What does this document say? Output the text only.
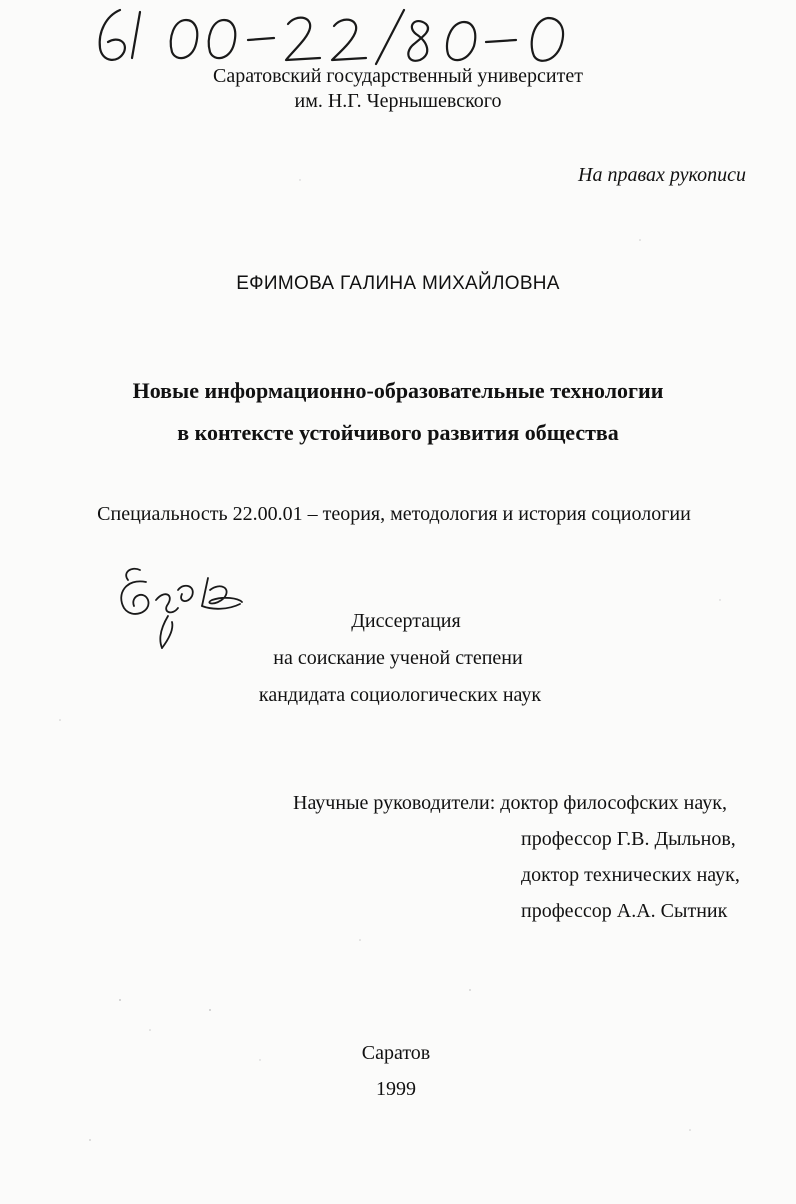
Саратовский государственный университет
им. Н.Г. Чернышевского
На правах рукописи
ЕФИМОВА ГАЛИНА МИХАЙЛОВНА
Новые информационно-образовательные технологии
в контексте устойчивого развития общества
Специальность 22.00.01 – теория, методология и история социологии
Диссертация
на соискание ученой степени
кандидата социологических наук
Научные руководители: доктор философских наук,
профессор Г.В. Дыльнов,
доктор технических наук,
профессор А.А. Сытник
Саратов
1999
